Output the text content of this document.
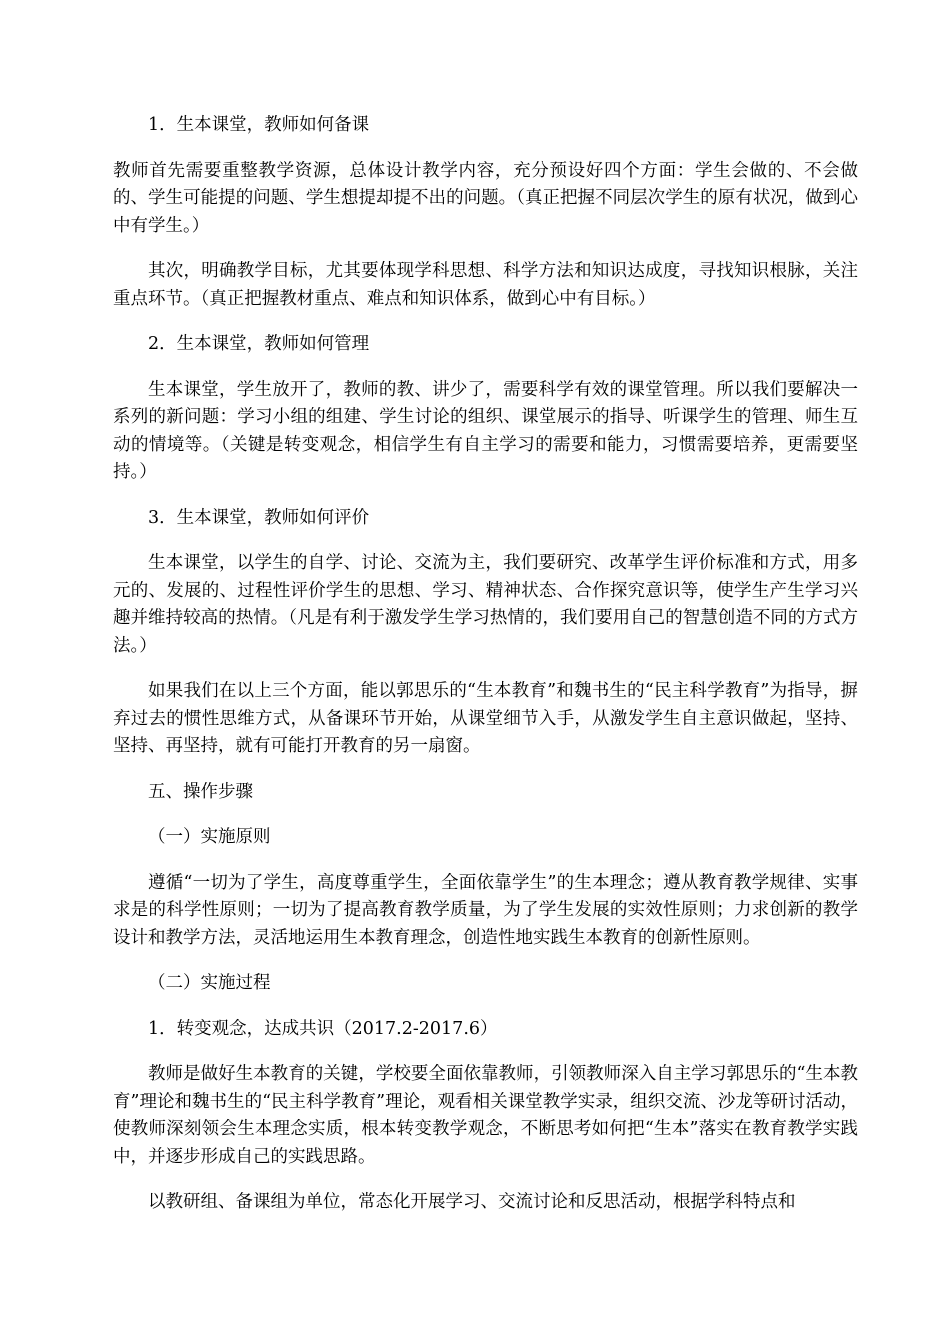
1．生本课堂，教师如何备课

教师首先需要重整教学资源，总体设计教学内容，充分预设好四个方面：学生会做的、不会做的、学生可能提的问题、学生想提却提不出的问题。（真正把握不同层次学生的原有状况，做到心中有学生。）

其次，明确教学目标，尤其要体现学科思想、科学方法和知识达成度，寻找知识根脉，关注重点环节。（真正把握教材重点、难点和知识体系，做到心中有目标。）

2．生本课堂，教师如何管理

生本课堂，学生放开了，教师的教、讲少了，需要科学有效的课堂管理。所以我们要解决一系列的新问题：学习小组的组建、学生讨论的组织、课堂展示的指导、听课学生的管理、师生互动的情境等。（关键是转变观念，相信学生有自主学习的需要和能力，习惯需要培养，更需要坚持。）

3．生本课堂，教师如何评价

生本课堂，以学生的自学、讨论、交流为主，我们要研究、改革学生评价标准和方式，用多元的、发展的、过程性评价学生的思想、学习、精神状态、合作探究意识等，使学生产生学习兴趣并维持较高的热情。（凡是有利于激发学生学习热情的，我们要用自己的智慧创造不同的方式方法。）

如果我们在以上三个方面，能以郭思乐的“生本教育”和魏书生的“民主科学教育”为指导，摒弃过去的惯性思维方式，从备课环节开始，从课堂细节入手，从激发学生自主意识做起，坚持、坚持、再坚持，就有可能打开教育的另一扇窗。

五、操作步骤

（一）实施原则

遵循“一切为了学生，高度尊重学生，全面依靠学生”的生本理念；遵从教育教学规律、实事求是的科学性原则；一切为了提高教育教学质量，为了学生发展的实效性原则；力求创新的教学设计和教学方法，灵活地运用生本教育理念，创造性地实践生本教育的创新性原则。

（二）实施过程

1．转变观念，达成共识（2017.2-2017.6）

教师是做好生本教育的关键，学校要全面依靠教师，引领教师深入自主学习郭思乐的“生本教育”理论和魏书生的“民主科学教育”理论，观看相关课堂教学实录，组织交流、沙龙等研讨活动，使教师深刻领会生本理念实质，根本转变教学观念，不断思考如何把“生本”落实在教育教学实践中，并逐步形成自己的实践思路。

以教研组、备课组为单位，常态化开展学习、交流讨论和反思活动，根据学科特点和
